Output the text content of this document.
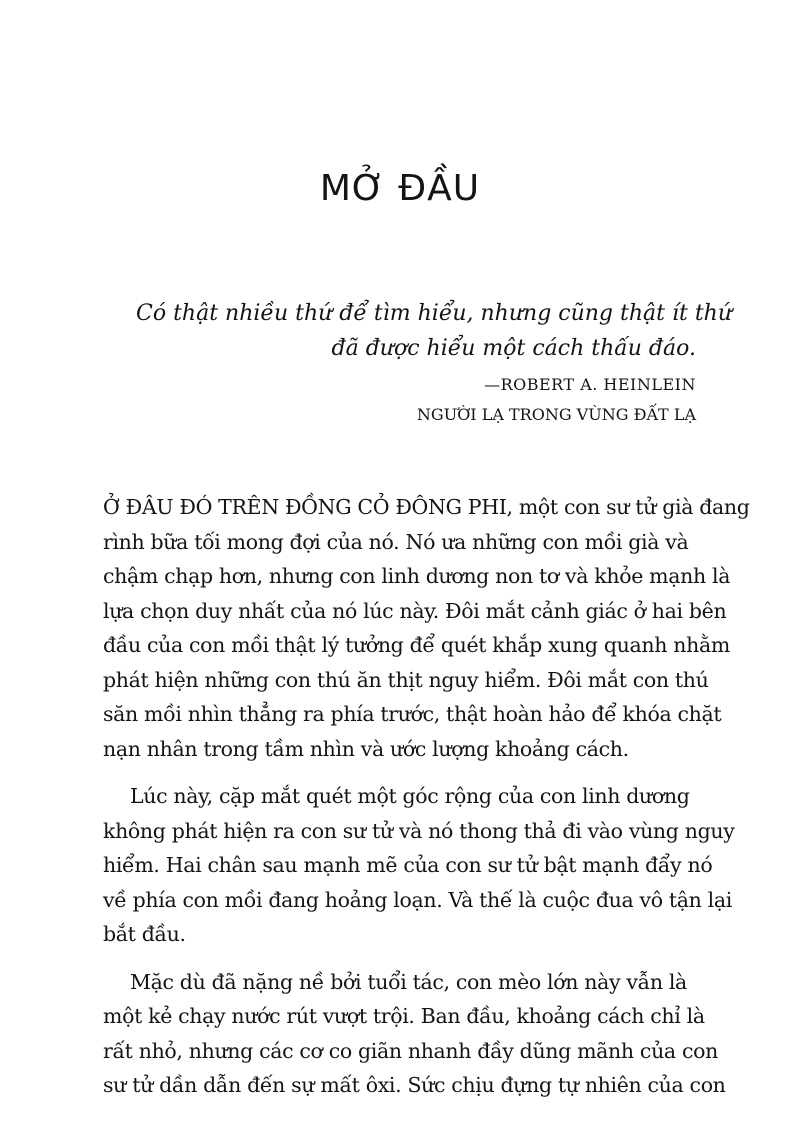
MỞ ĐẦU
Có thật nhiều thứ để tìm hiểu, nhưng cũng thật ít thứ
đã được hiểu một cách thấu đáo.
—ROBERT A. HEINLEIN
NGƯỜI LẠ TRONG VÙNG ĐẤT LẠ

Ở ĐÂU ĐÓ TRÊN ĐỒNG CỎ ĐÔNG PHI, một con sư tử già đang
rình bữa tối mong đợi của nó. Nó ưa những con mồi già và
chậm chạp hơn, nhưng con linh dương non tơ và khỏe mạnh là
lựa chọn duy nhất của nó lúc này. Đôi mắt cảnh giác ở hai bên
đầu của con mồi thật lý tưởng để quét khắp xung quanh nhằm
phát hiện những con thú ăn thịt nguy hiểm. Đôi mắt con thú
săn mồi nhìn thẳng ra phía trước, thật hoàn hảo để khóa chặt
nạn nhân trong tầm nhìn và ước lượng khoảng cách.

Lúc này, cặp mắt quét một góc rộng của con linh dương
không phát hiện ra con sư tử và nó thong thả đi vào vùng nguy
hiểm. Hai chân sau mạnh mẽ của con sư tử bật mạnh đẩy nó
về phía con mồi đang hoảng loạn. Và thế là cuộc đua vô tận lại
bắt đầu.

Mặc dù đã nặng nề bởi tuổi tác, con mèo lớn này vẫn là
một kẻ chạy nước rút vượt trội. Ban đầu, khoảng cách chỉ là
rất nhỏ, nhưng các cơ co giãn nhanh đầy dũng mãnh của con
sư tử dần dẫn đến sự mất ôxi. Sức chịu đựng tự nhiên của con
